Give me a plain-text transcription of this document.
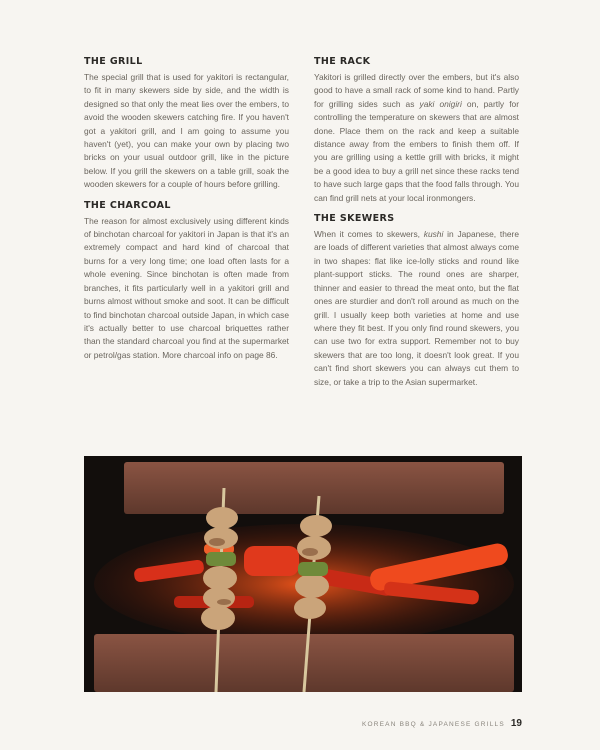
THE GRILL

The special grill that is used for yakitori is rectangular, to fit in many skewers side by side, and the width is designed so that only the meat lies over the embers, to avoid the wooden skewers catching fire. If you haven't got a yakitori grill, and I am going to assume you haven't (yet), you can make your own by placing two bricks on your usual outdoor grill, like in the picture below. If you grill the skewers on a table grill, soak the wooden skewers for a couple of hours before grilling.

THE CHARCOAL

The reason for almost exclusively using different kinds of binchotan charcoal for yakitori in Japan is that it's an extremely compact and hard kind of charcoal that burns for a very long time; one load often lasts for a whole evening. Since binchotan is often made from branches, it fits particularly well in a yakitori grill and burns almost without smoke and soot. It can be difficult to find binchotan charcoal outside Japan, in which case it's actually better to use charcoal briquettes rather than the standard charcoal you find at the supermarket or petrol/gas station. More charcoal info on page 86.

THE RACK

Yakitori is grilled directly over the embers, but it's also good to have a small rack of some kind to hand. Partly for grilling sides such as yaki onigiri on, partly for controlling the temperature on skewers that are almost done. Place them on the rack and keep a suitable distance away from the embers to finish them off. If you are grilling using a kettle grill with bricks, it might be a good idea to buy a grill net since these racks tend to have such large gaps that the food falls through. You can find grill nets at your local ironmongers.

THE SKEWERS

When it comes to skewers, kushi in Japanese, there are loads of different varieties that almost always come in two shapes: flat like ice-lolly sticks and round like plant-support sticks. The round ones are sharper, thinner and easier to thread the meat onto, but the flat ones are sturdier and don't roll around as much on the grill. I usually keep both varieties at home and use where they fit best. If you only find round skewers, you can use two for extra support. Remember not to buy skewers that are too long, it doesn't look great. If you can't find short skewers you can always cut them to size, or take a trip to the Asian supermarket.

KOREAN BBQ & JAPANESE GRILLS 19
